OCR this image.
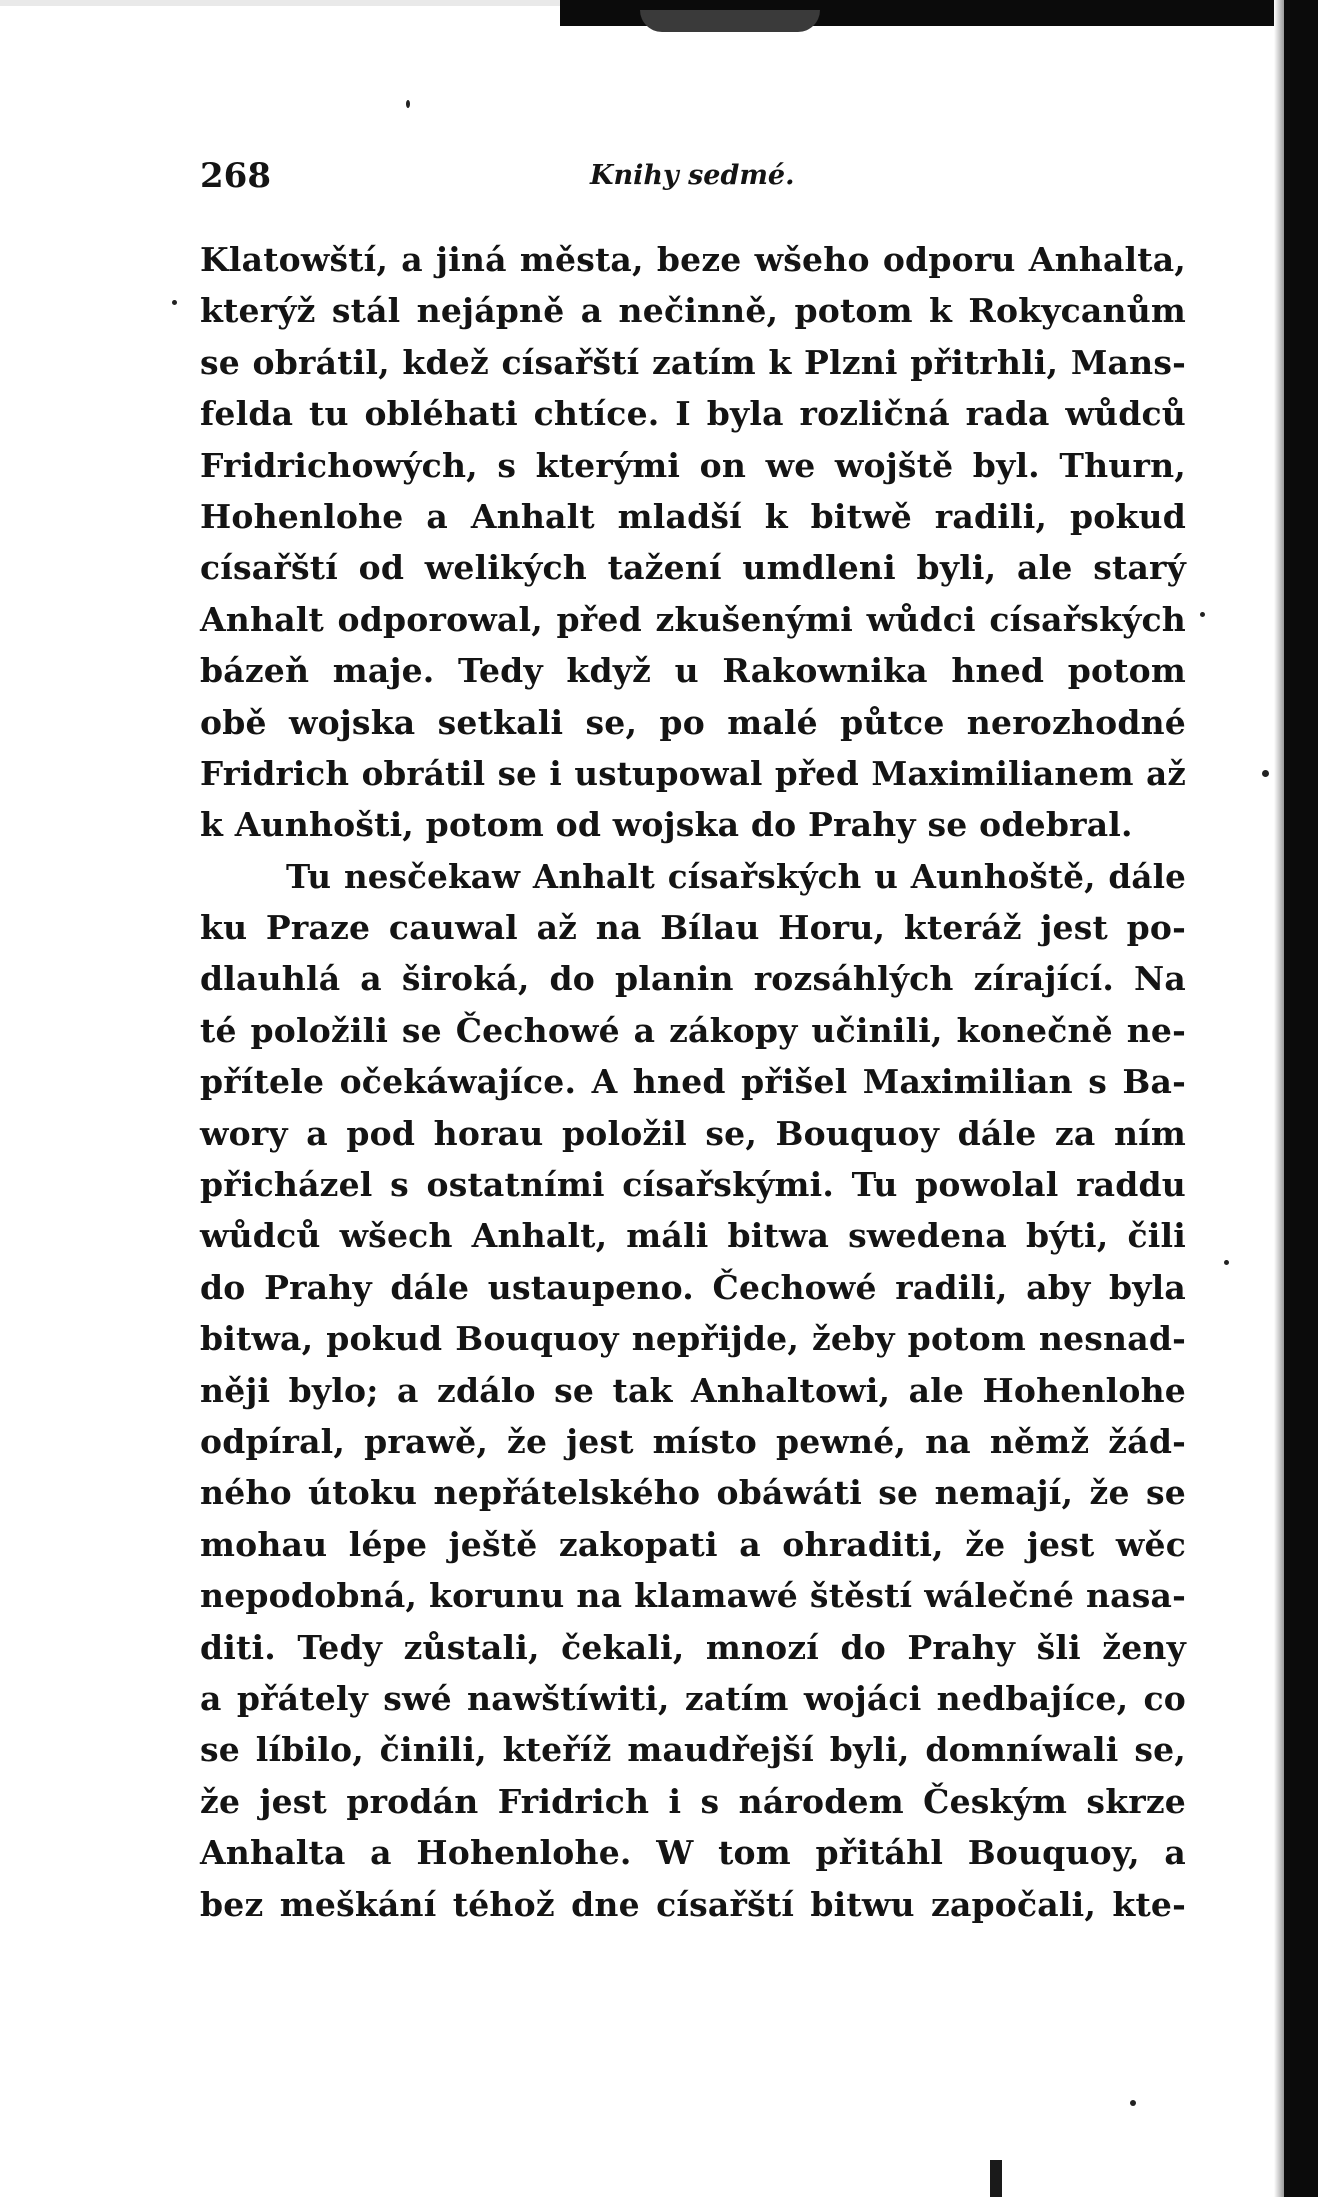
268	Knihy sedmé.
Klatowští, a jiná města, beze wšeho odporu Anhalta,
kterýž stál nejápně a nečinně, potom k Rokycanům
se obrátil, kdež císařští zatím k Plzni přitrhli, Mans-
felda tu obléhati chtíce. I byla rozličná rada wůdců
Fridrichowých, s kterými on we wojště byl. Thurn,
Hohenlohe a Anhalt mladší k bitwě radili, pokud
císařští od welikých tažení umdleni byli, ale starý
Anhalt odporowal, před zkušenými wůdci císařských
bázeň maje. Tedy když u Rakownika hned potom
obě wojska setkali se, po malé půtce nerozhodné
Fridrich obrátil se i ustupowal před Maximilianem až
k Aunhošti, potom od wojska do Prahy se odebral.
Tu nesčekaw Anhalt císařských u Aunhoště, dále
ku Praze cauwal až na Bílau Horu, kteráž jest po-
dlauhlá a široká, do planin rozsáhlých zírající. Na
té položili se Čechowé a zákopy učinili, konečně ne-
přítele očekáwajíce. A hned přišel Maximilian s Ba-
wory a pod horau položil se, Bouquoy dále za ním
přicházel s ostatními císařskými. Tu powolal raddu
wůdců wšech Anhalt, máli bitwa swedena býti, čili
do Prahy dále ustaupeno. Čechowé radili, aby byla
bitwa, pokud Bouquoy nepřijde, žeby potom nesnad-
něji bylo; a zdálo se tak Anhaltowi, ale Hohenlohe
odpíral, prawě, že jest místo pewné, na němž žád-
ného útoku nepřátelského obáwáti se nemají, že se
mohau lépe ještě zakopati a ohraditi, že jest wěc
nepodobná, korunu na klamawé štěstí wálečné nasa-
diti. Tedy zůstali, čekali, mnozí do Prahy šli ženy
a přátely swé nawštíwiti, zatím wojáci nedbajíce, co
se líbilo, činili, kteříž maudřejší byli, domníwali se,
že jest prodán Fridrich i s národem Českým skrze
Anhalta a Hohenlohe. W tom přitáhl Bouquoy, a
bez meškání téhož dne císařští bitwu započali, kte-
